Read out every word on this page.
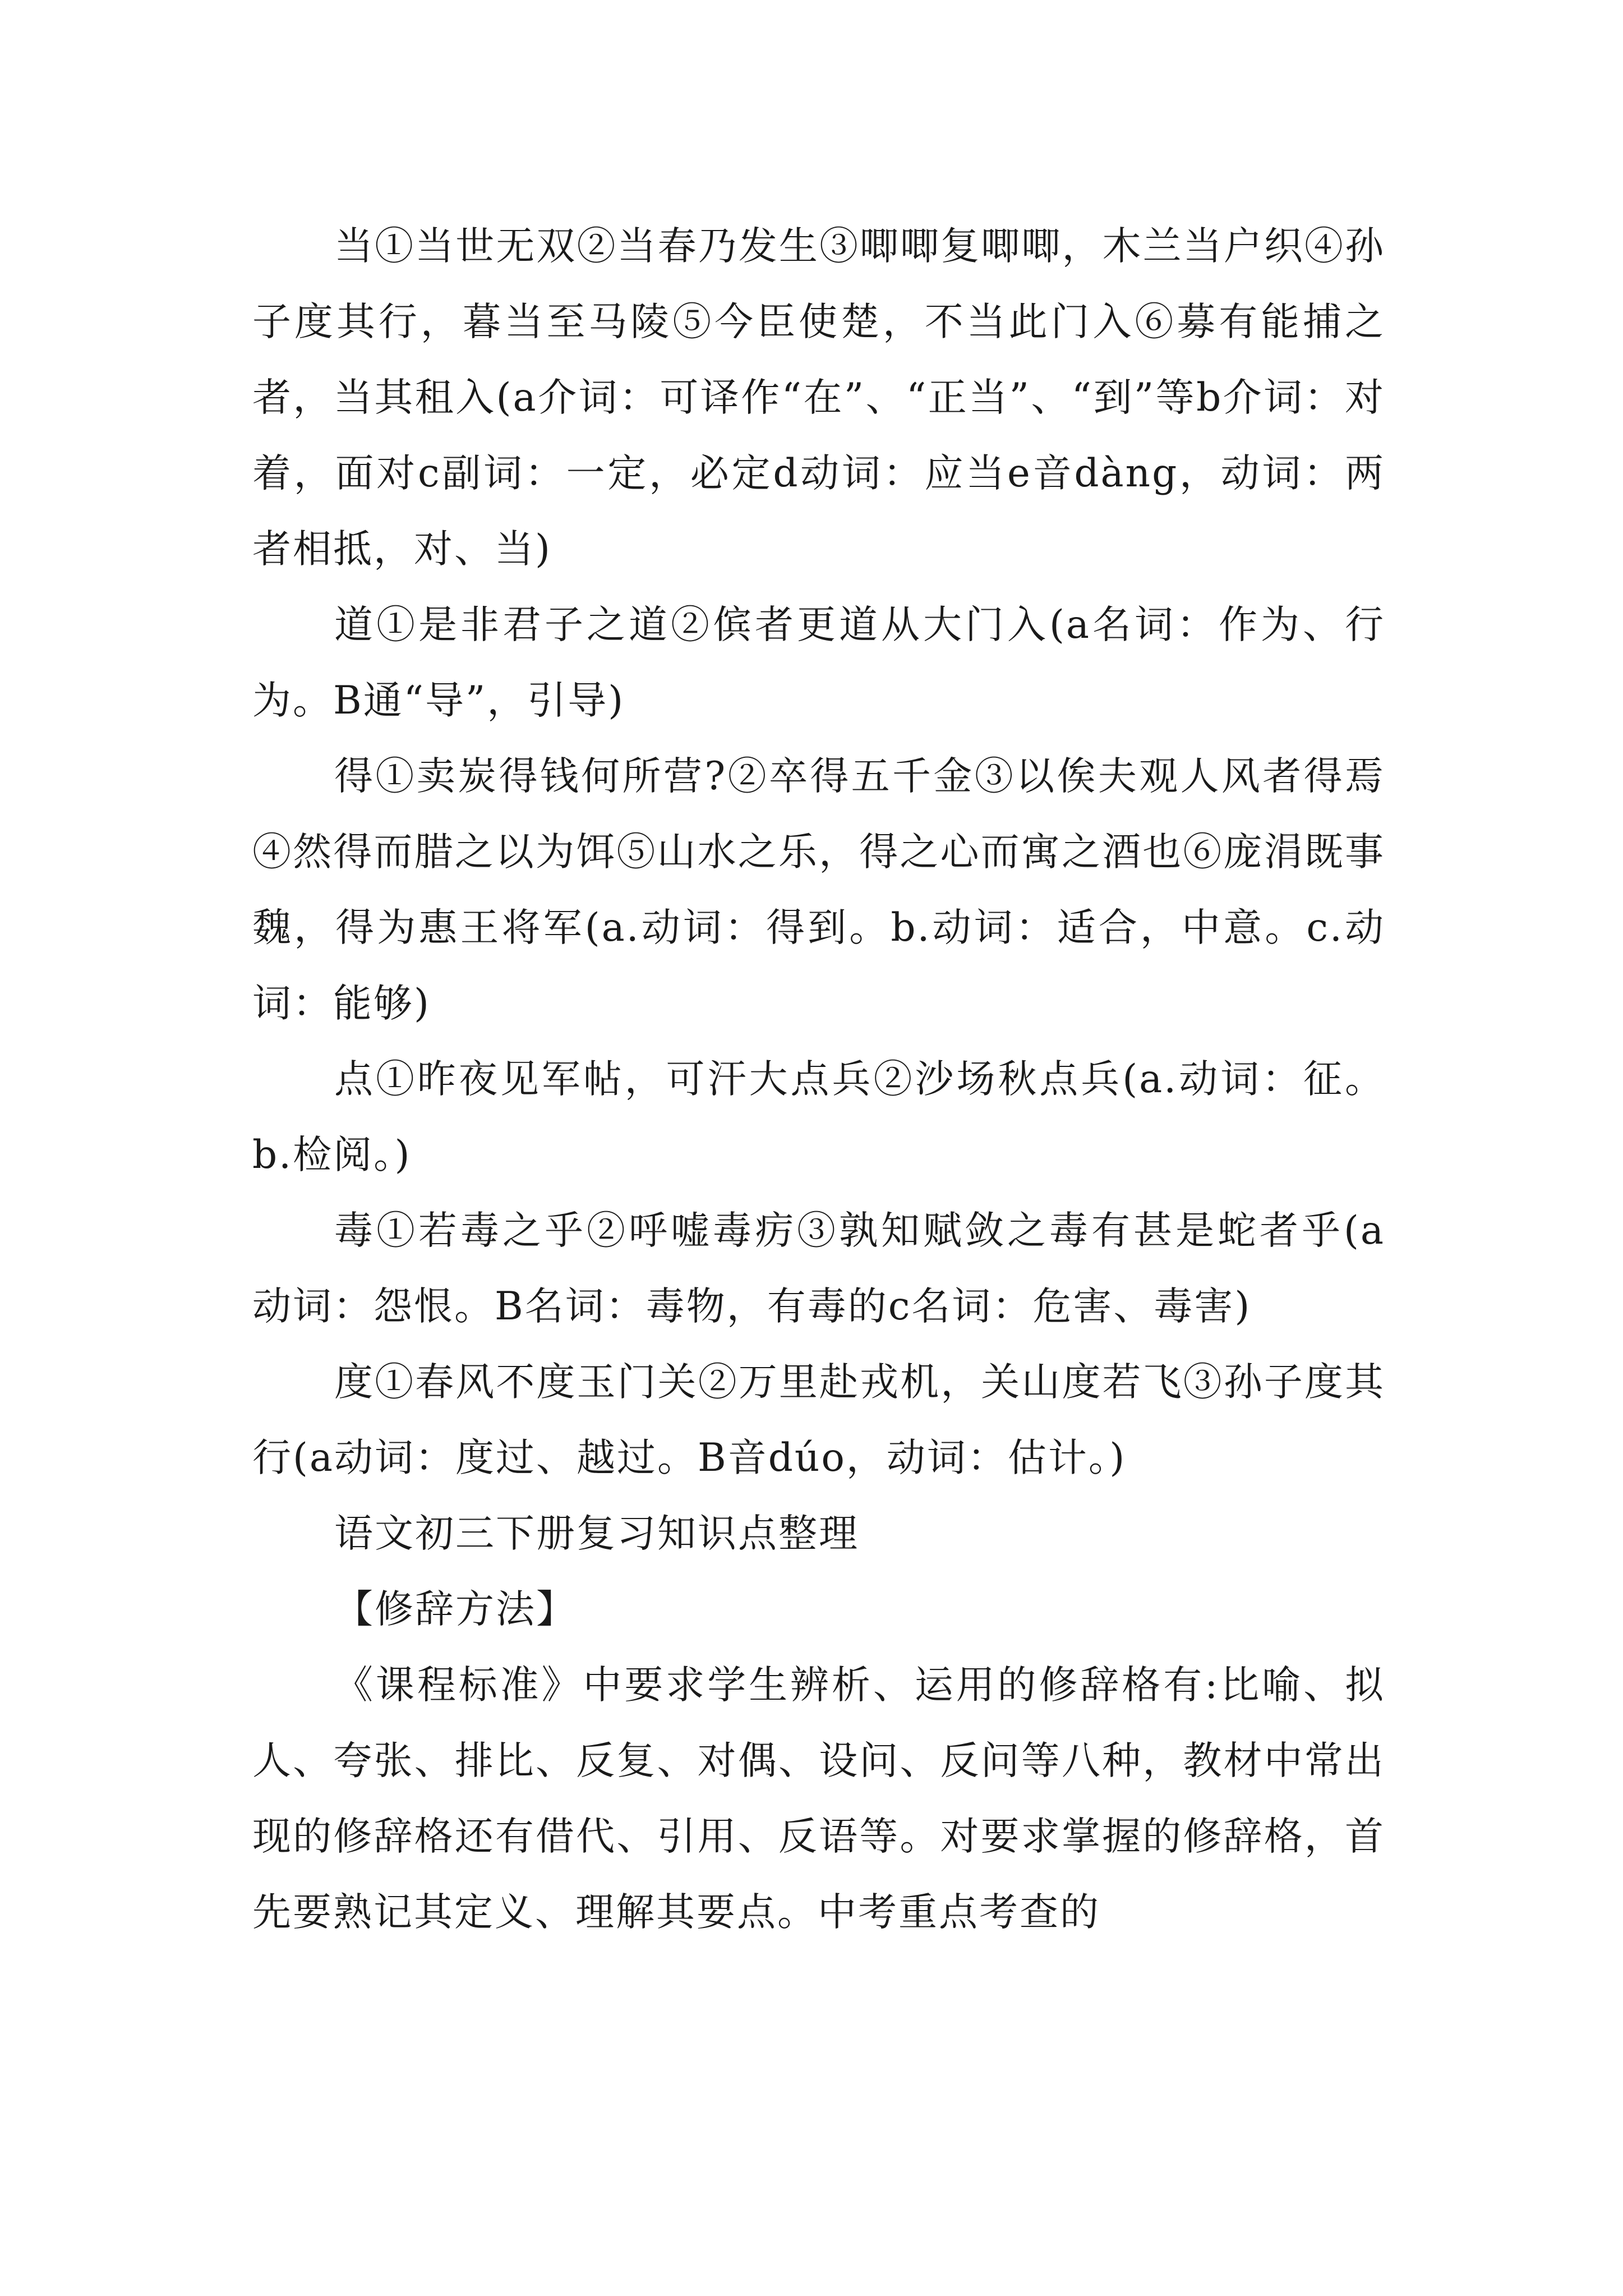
当①当世无双②当春乃发生③唧唧复唧唧，木兰当户织④孙子度其行，暮当至马陵⑤今臣使楚，不当此门入⑥募有能捕之者，当其租入(a介词：可译作“在”、“正当”、“到”等b介词：对着，面对c副词：一定，必定d动词：应当e音dàng，动词：两者相抵，对、当)

道①是非君子之道②傧者更道从大门入(a名词：作为、行为。B通“导”，引导)

得①卖炭得钱何所营?②卒得五千金③以俟夫观人风者得焉④然得而腊之以为饵⑤山水之乐，得之心而寓之酒也⑥庞涓既事魏，得为惠王将军(a.动词：得到。b.动词：适合，中意。c.动词：能够)

点①昨夜见军帖，可汗大点兵②沙场秋点兵(a.动词：征。b.检阅。)

毒①若毒之乎②呼嘘毒疠③孰知赋敛之毒有甚是蛇者乎(a动词：怨恨。B名词：毒物，有毒的c名词：危害、毒害)

度①春风不度玉门关②万里赴戎机，关山度若飞③孙子度其行(a动词：度过、越过。B音dúo，动词：估计。)

语文初三下册复习知识点整理

【修辞方法】

《课程标准》中要求学生辨析、运用的修辞格有:比喻、拟人、夸张、排比、反复、对偶、设问、反问等八种，教材中常出现的修辞格还有借代、引用、反语等。对要求掌握的修辞格，首先要熟记其定义、理解其要点。中考重点考查的
